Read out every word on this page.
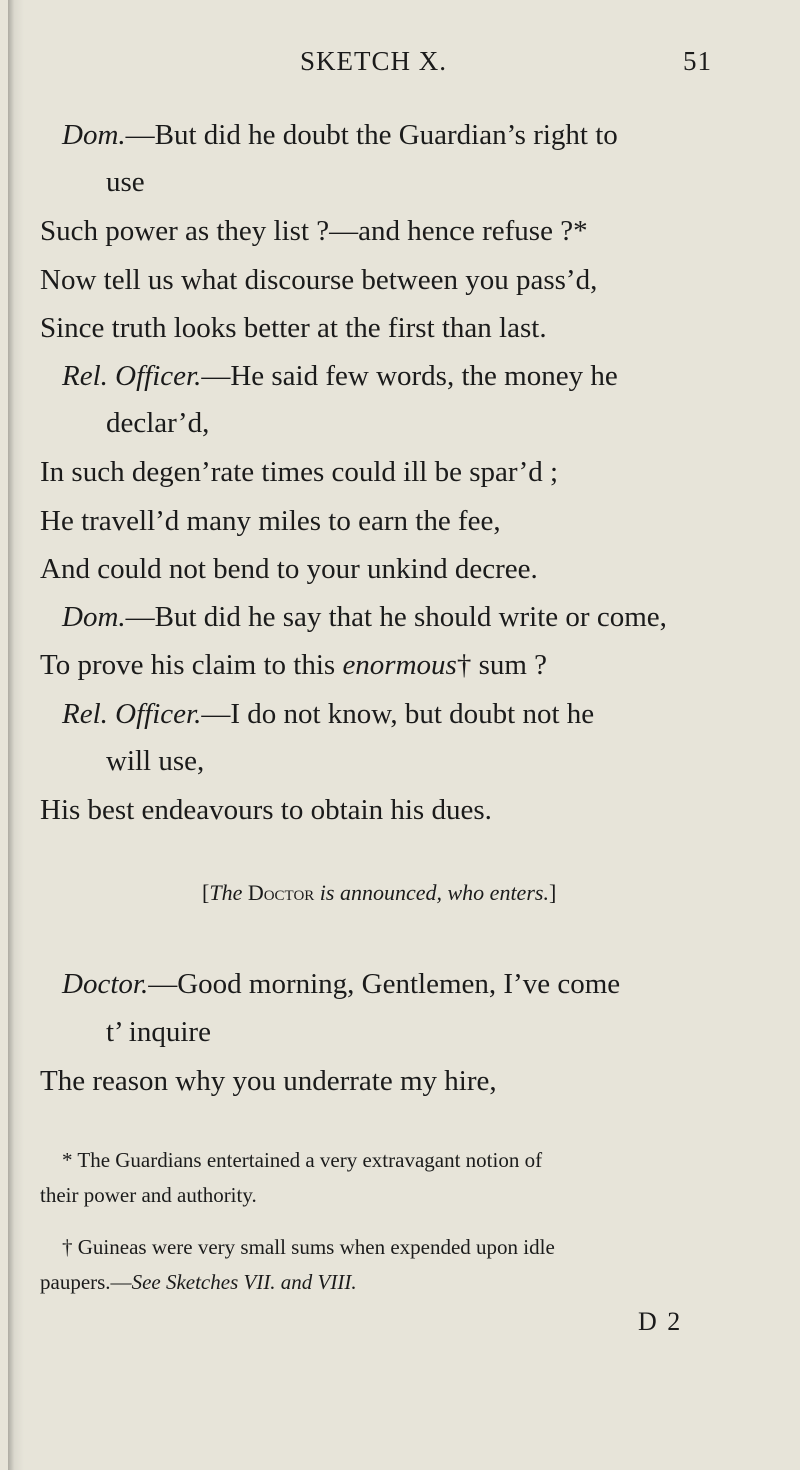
SKETCH X.	51
Dom.—But did he doubt the Guardian’s right to
use
Such power as they list ?—and hence refuse ?*
Now tell us what discourse between you pass’d,
Since truth looks better at the first than last.
Rel. Officer.—He said few words, the money he
declar’d,
In such degen’rate times could ill be spar’d ;
He travell’d many miles to earn the fee,
And could not bend to your unkind decree.
Dom.—But did he say that he should write or come,
To prove his claim to this enormous† sum ?
Rel. Officer.—I do not know, but doubt not he
will use,
His best endeavours to obtain his dues.
[The Doctor is announced, who enters.]
Doctor.—Good morning, Gentlemen, I’ve come
t’ inquire
The reason why you underrate my hire,
* The Guardians entertained a very extravagant notion of
their power and authority.
† Guineas were very small sums when expended upon idle
paupers.—See Sketches VII. and VIII.
D 2
